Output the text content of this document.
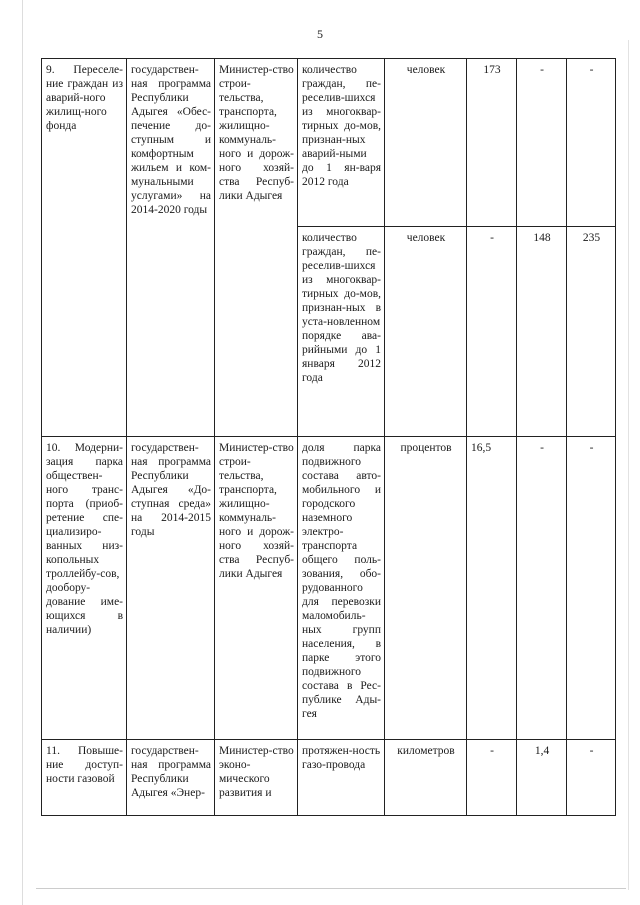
5
9. Переселе-ние граждан из аварий-ного жилищ-ного фонда	государствен-ная программа Республики Адыгея «Обес-печение до-ступным и комфортным жильем и ком-мунальными услугами» на 2014-2020 годы	Министер-ство строи-тельства, транспорта, жилищно-коммуналь-ного и дорож-ного хозяй-ства Респуб-лики Адыгея	количество граждан, пе-реселив-шихся из многоквар-тирных до-мов, признан-ных аварий-ными до 1 ян-варя 2012 года	человек	173	-	-
			количество граждан, пе-реселив-шихся из многоквар-тирных до-мов, признан-ных в уста-новленном порядке ава-рийными до 1 января 2012 года	человек	-	148	235
10. Модерни-зация парка обществен-ного транс-порта (приоб-ретение спе-циализиро-ванных низ-копольных троллейбу-сов, дообору-дование име-ющихся в наличии)	государствен-ная программа Республики Адыгея «До-ступная среда» на 2014-2015 годы	Министер-ство строи-тельства, транспорта, жилищно-коммуналь-ного и дорож-ного хозяй-ства Респуб-лики Адыгея	доля парка подвижного состава авто-мобильного и городского наземного электро-транспорта общего поль-зования, обо-рудованного для перевозки маломобиль-ных групп населения, в парке этого подвижного состава в Рес-публике Ады-гея	процентов	16,5	-	-
11. Повыше-ние доступ-ности газовой	государствен-ная программа Республики Адыгея «Энер-	Министер-ство эконо-мического развития и	протяжен-ность газо-провода	километров	-	1,4	-
